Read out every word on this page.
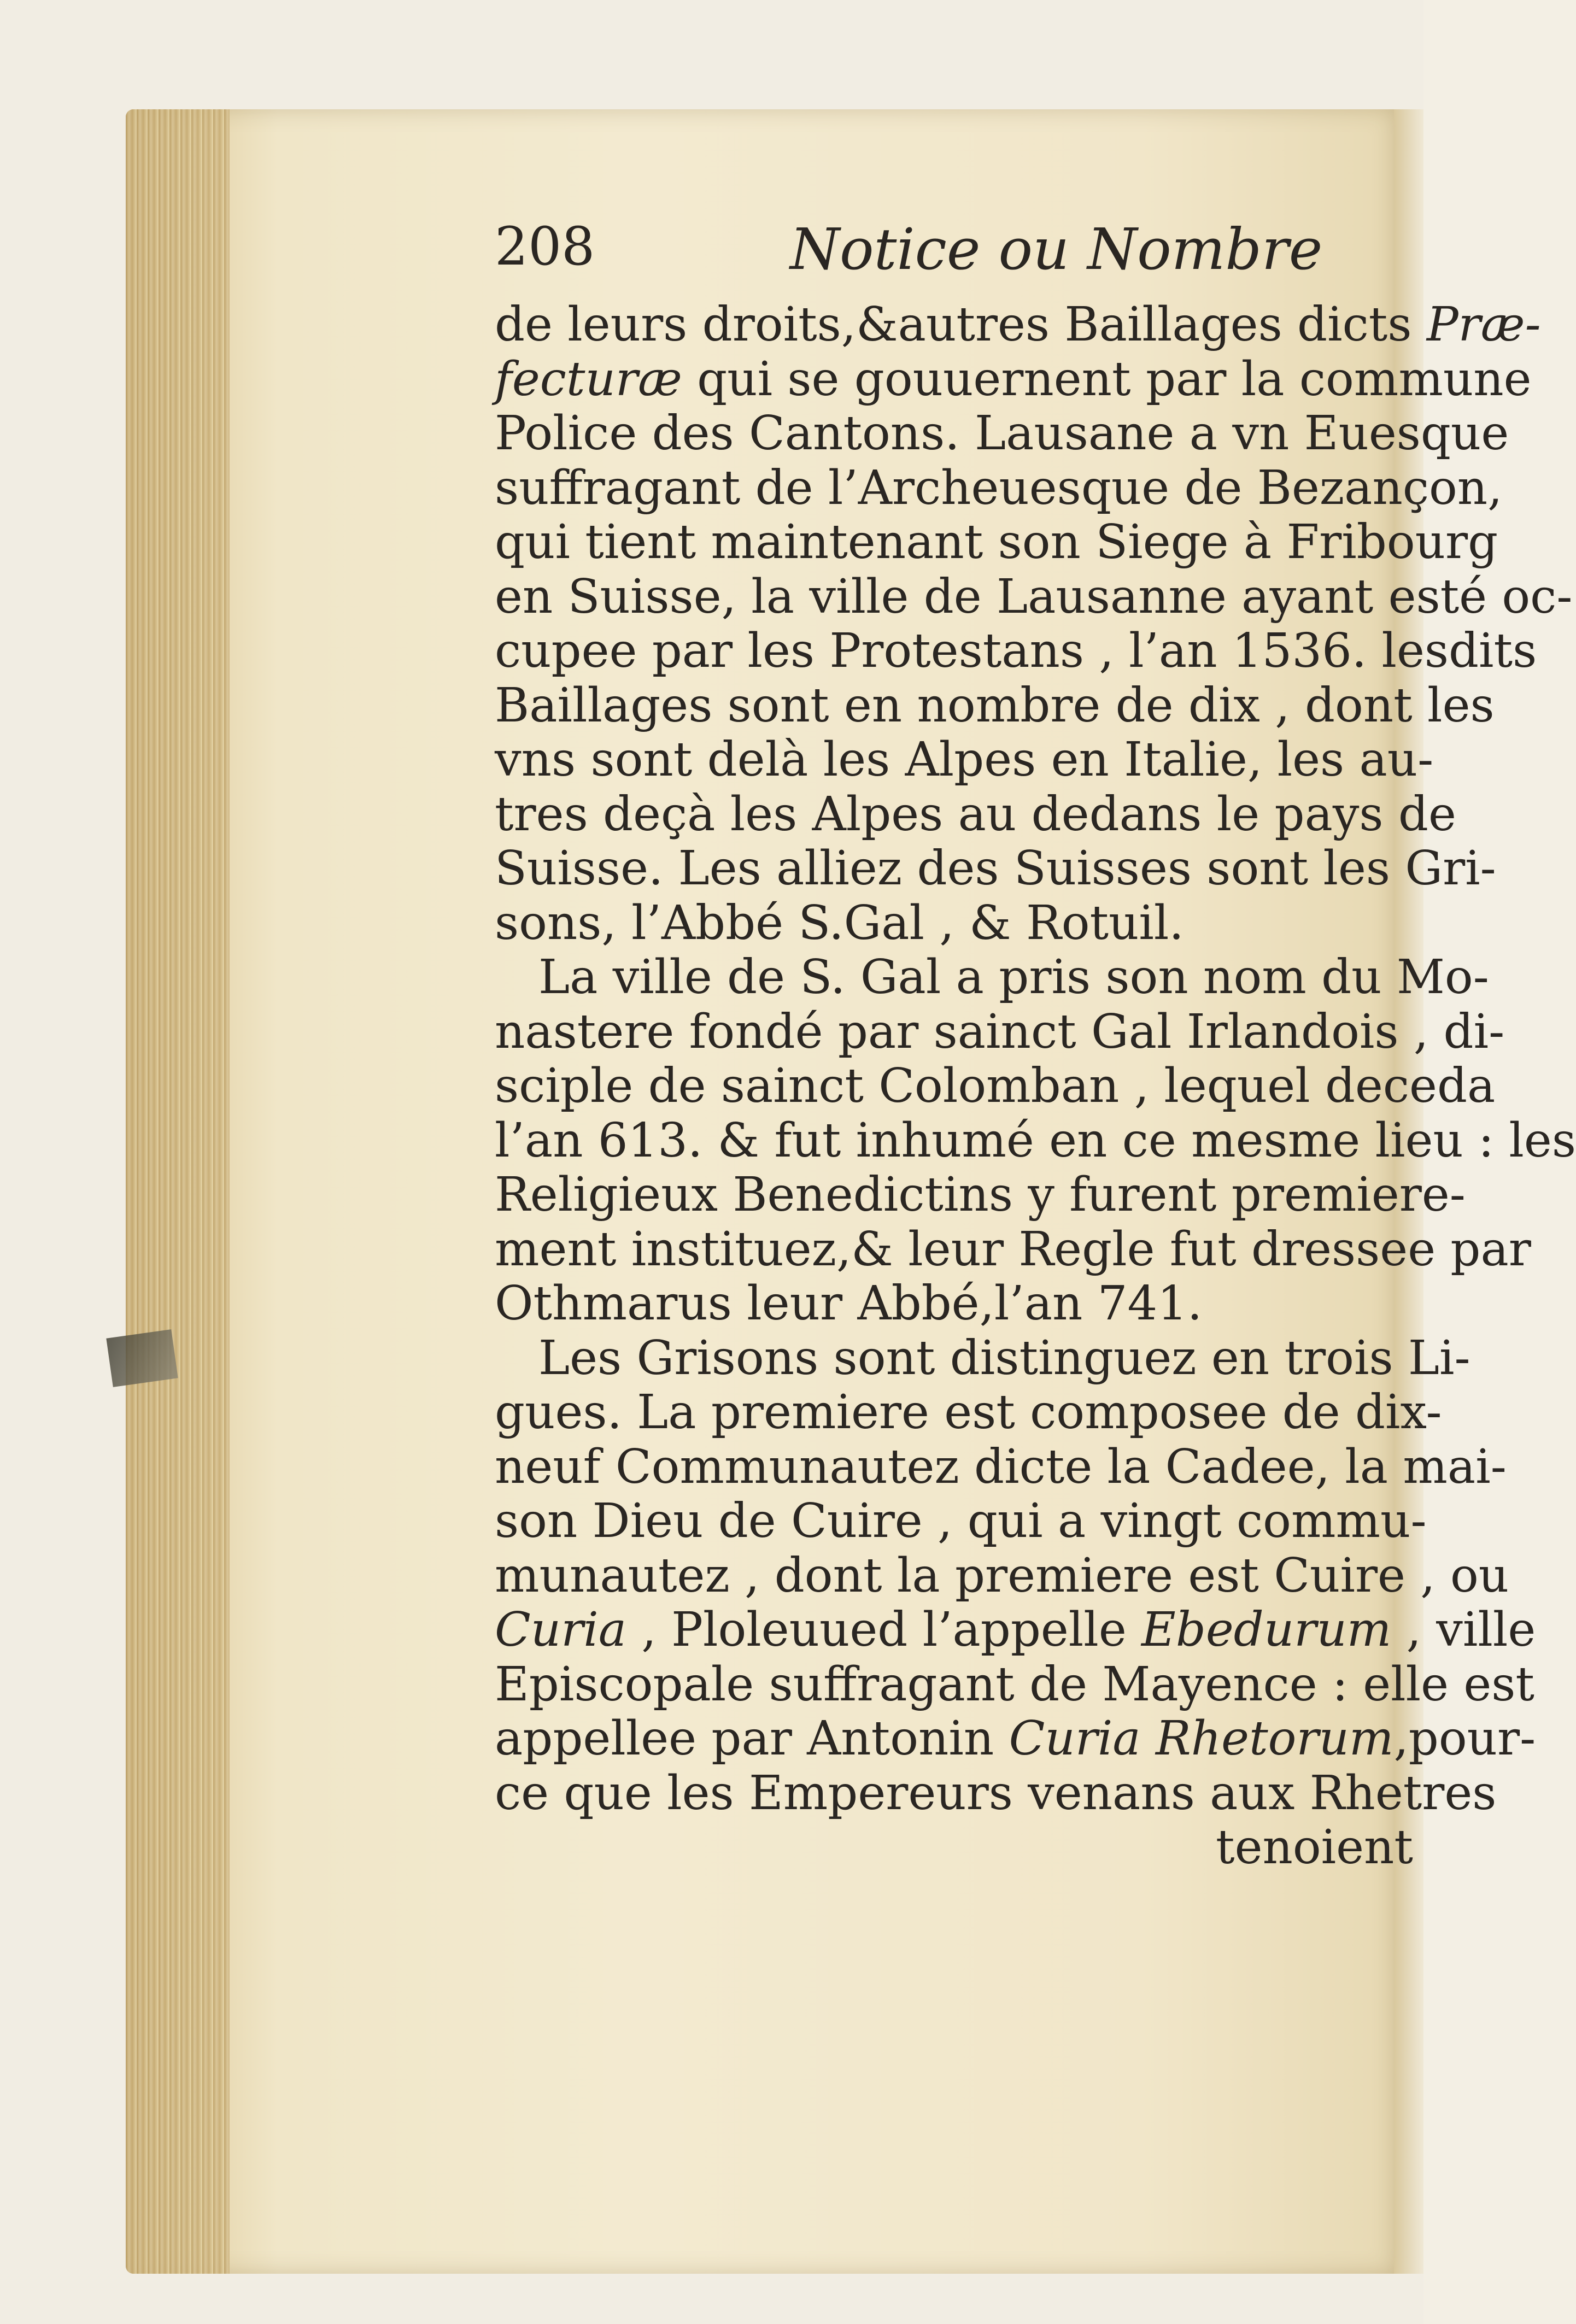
208	Notice ou Nombre
de leurs droits,&autres Baillages dicts Præ-
fecturæ qui se gouuernent par la commune
Police des Cantons. Lausane a vn Euesque
suffragant de l’Archeuesque de Bezançon,
qui tient maintenant son Siege à Fribourg
en Suisse, la ville de Lausanne ayant esté oc-
cupee par les Protestans , l’an 1536. lesdits
Baillages sont en nombre de dix , dont les
vns sont delà les Alpes en Italie, les au-
tres deçà les Alpes au dedans le pays de
Suisse. Les alliez des Suisses sont les Gri-
sons, l’Abbé S.Gal , & Rotuil.
La ville de S. Gal a pris son nom du Mo-
nastere fondé par sainct Gal Irlandois , di-
sciple de sainct Colomban , lequel deceda
l’an 613. & fut inhumé en ce mesme lieu : les
Religieux Benedictins y furent premiere-
ment instituez,& leur Regle fut dressee par
Othmarus leur Abbé,l’an 741.
Les Grisons sont distinguez en trois Li-
gues. La premiere est composee de dix-
neuf Communautez dicte la Cadee, la mai-
son Dieu de Cuire , qui a vingt commu-
munautez , dont la premiere est Cuire , ou
Curia , Ploleuued l’appelle Ebedurum , ville
Episcopale suffragant de Mayence : elle est
appellee par Antonin Curia Rhetorum,pour-
ce que les Empereurs venans aux Rhetres
tenoient
